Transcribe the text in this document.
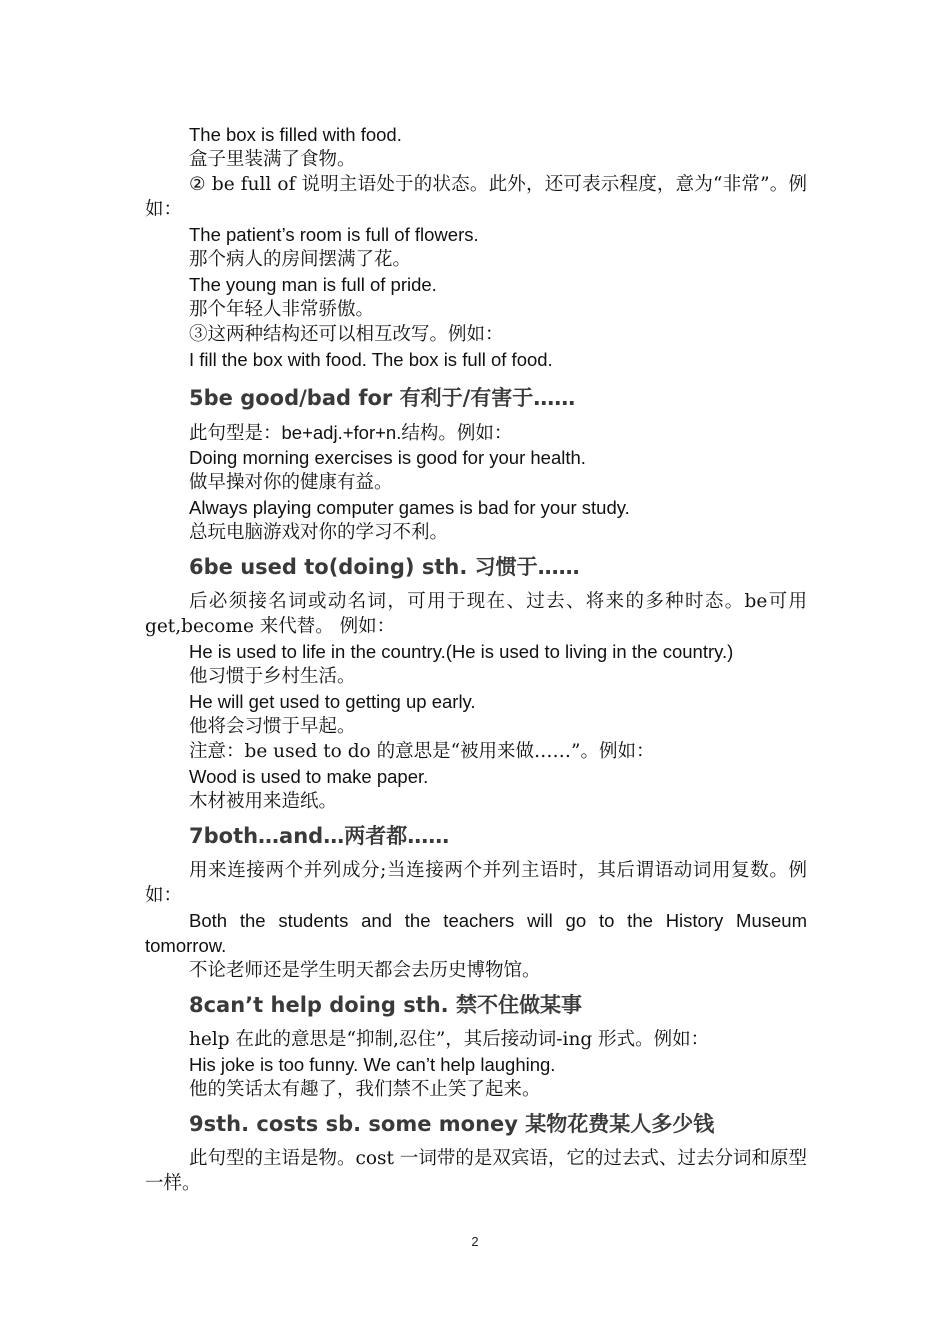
The box is filled with food.
盒子里装满了食物。
② be full of 说明主语处于的状态。此外，还可表示程度，意为“非常”。例如：
The patient’s room is full of flowers.
那个病人的房间摆满了花。
The young man is full of pride.
那个年轻人非常骄傲。
③这两种结构还可以相互改写。例如：
I fill the box with food. The box is full of food.
5be good/bad for 有利于/有害于……
此句型是：be+adj.+for+n.结构。例如：
Doing morning exercises is good for your health.
做早操对你的健康有益。
Always playing computer games is bad for your study.
总玩电脑游戏对你的学习不利。
6be used to(doing) sth. 习惯于……
后必须接名词或动名词，可用于现在、过去、将来的多种时态。be可用 get,become 来代替。 例如：
He is used to life in the country.(He is used to living in the country.)
他习惯于乡村生活。
He will get used to getting up early.
他将会习惯于早起。
注意：be used to do 的意思是“被用来做……”。例如：
Wood is used to make paper.
木材被用来造纸。
7both…and…两者都……
用来连接两个并列成分;当连接两个并列主语时，其后谓语动词用复数。例如：
Both the students and the teachers will go to the History Museum tomorrow.
不论老师还是学生明天都会去历史博物馆。
8can’t help doing sth. 禁不住做某事
help 在此的意思是“抑制,忍住”，其后接动词-ing 形式。例如：
His joke is too funny. We can’t help laughing.
他的笑话太有趣了，我们禁不止笑了起来。
9sth. costs sb. some money 某物花费某人多少钱
此句型的主语是物。cost 一词带的是双宾语，它的过去式、过去分词和原型一样。
2
